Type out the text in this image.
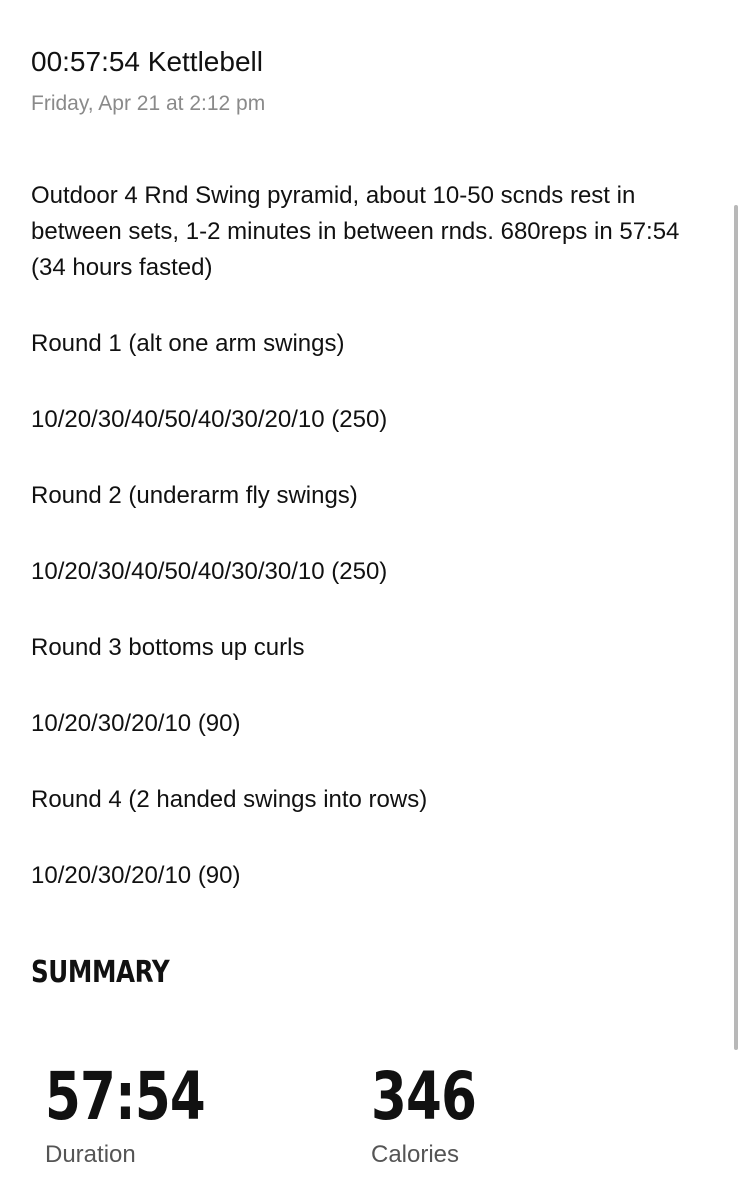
00:57:54 Kettlebell
Friday, Apr 21 at 2:12 pm

Outdoor 4 Rnd Swing pyramid, about 10-50 scnds rest in between sets, 1-2 minutes in between rnds. 680reps in 57:54 (34 hours fasted)

Round 1 (alt one arm swings)

10/20/30/40/50/40/30/20/10 (250)

Round 2 (underarm fly swings)

10/20/30/40/50/40/30/30/10 (250)

Round 3 bottoms up curls

10/20/30/20/10 (90)

Round 4 (2 handed swings into rows)

10/20/30/20/10 (90)

SUMMARY
57:54
Duration
346
Calories
